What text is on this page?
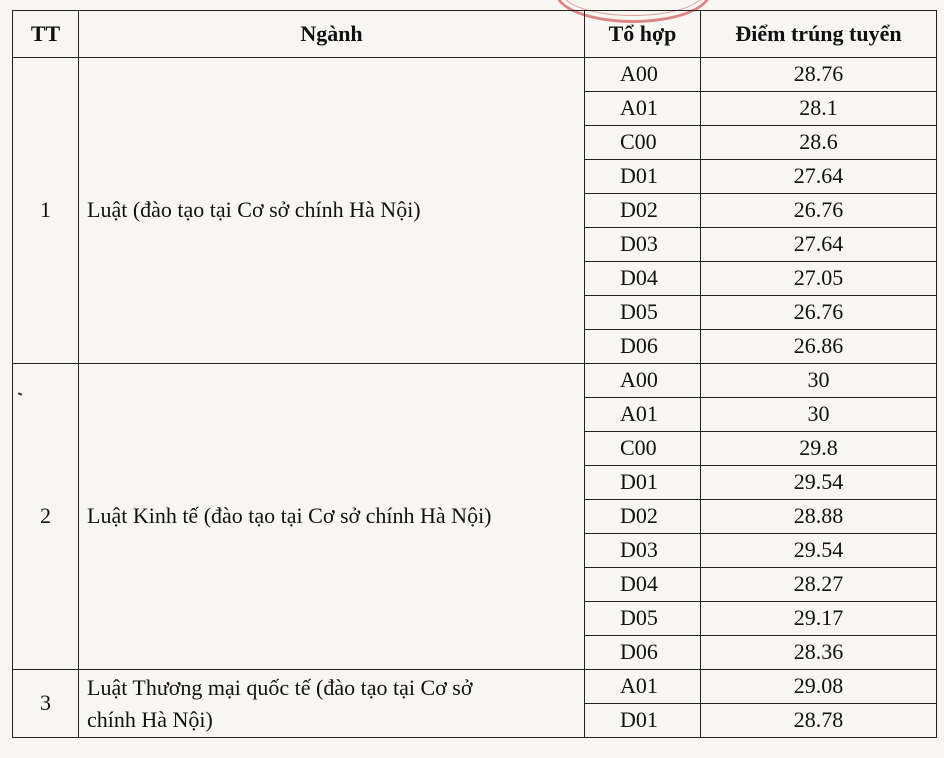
TT	Ngành	Tổ hợp	Điểm trúng tuyển
1	Luật (đào tạo tại Cơ sở chính Hà Nội)	A00	28.76
		A01	28.1
		C00	28.6
		D01	27.64
		D02	26.76
		D03	27.64
		D04	27.05
		D05	26.76
		D06	26.86
2	Luật Kinh tế (đào tạo tại Cơ sở chính Hà Nội)	A00	30
		A01	30
		C00	29.8
		D01	29.54
		D02	28.88
		D03	29.54
		D04	28.27
		D05	29.17
		D06	28.36
3	Luật Thương mại quốc tế (đào tạo tại Cơ sở
chính Hà Nội)	A01	29.08
		D01	28.78
